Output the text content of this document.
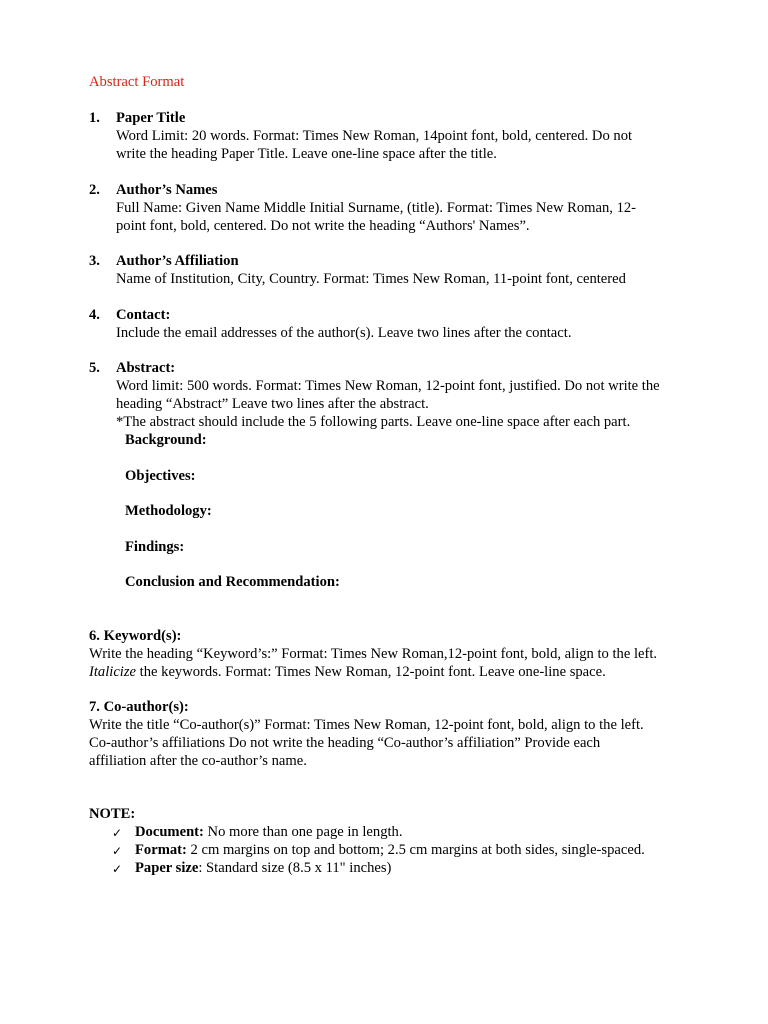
Abstract Format
1. Paper Title
Word Limit: 20 words. Format: Times New Roman, 14point font, bold, centered. Do not
write the heading Paper Title. Leave one-line space after the title.
2. Author’s Names
Full Name: Given Name Middle Initial Surname, (title). Format: Times New Roman, 12-
point font, bold, centered. Do not write the heading “Authors' Names”.
3. Author’s Affiliation
Name of Institution, City, Country. Format: Times New Roman, 11-point font, centered
4. Contact:
Include the email addresses of the author(s). Leave two lines after the contact.
5. Abstract:
Word limit: 500 words. Format: Times New Roman, 12-point font, justified. Do not write the
heading “Abstract” Leave two lines after the abstract.
*The abstract should include the 5 following parts. Leave one-line space after each part.
Background:
Objectives:
Methodology:
Findings:
Conclusion and Recommendation:
6. Keyword(s):
Write the heading “Keyword’s:” Format: Times New Roman,12-point font, bold, align to the left.
Italicize the keywords. Format: Times New Roman, 12-point font. Leave one-line space.
7. Co-author(s):
Write the title “Co-author(s)” Format: Times New Roman, 12-point font, bold, align to the left.
Co-author’s affiliations Do not write the heading “Co-author’s affiliation” Provide each
affiliation after the co-author’s name.
NOTE:
✓ Document: No more than one page in length.
✓ Format: 2 cm margins on top and bottom; 2.5 cm margins at both sides, single-spaced.
✓ Paper size: Standard size (8.5 x 11" inches)
